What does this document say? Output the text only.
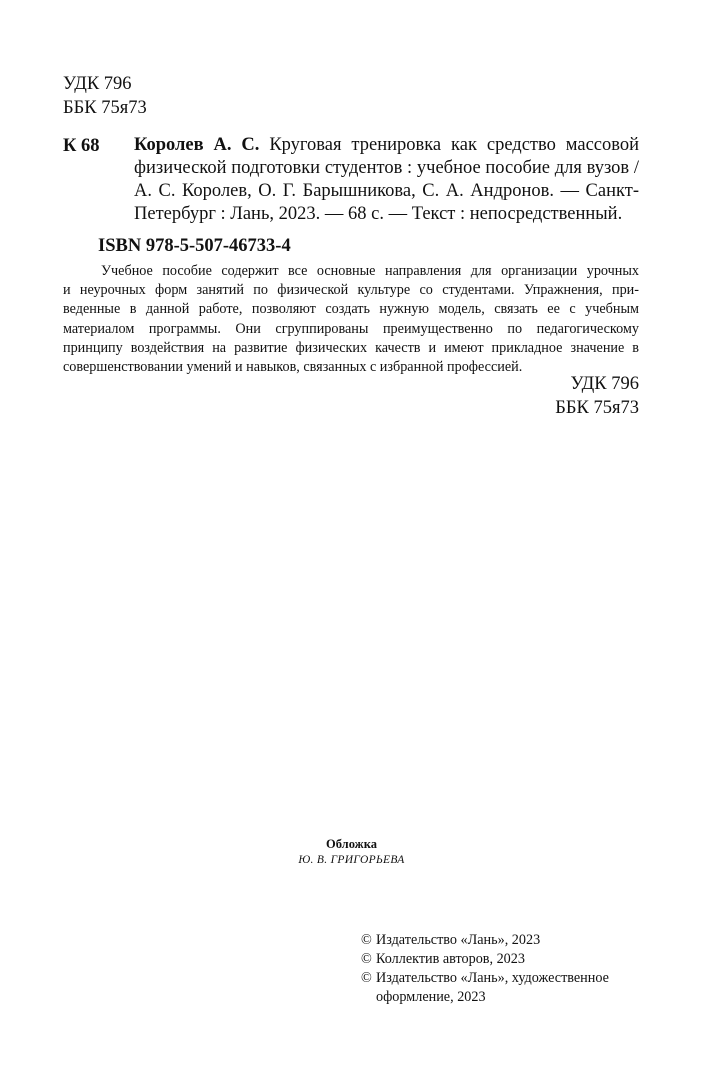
УДК 796
ББК 75я73
К 68 Королев А. С. Круговая тренировка как средство массовой
физической подготовки студентов : учебное пособие для вузов /
А. С. Королев, О. Г. Барышникова, С. А. Андронов. — Санкт-
Петербург : Лань, 2023. — 68 с. — Текст : непосредственный.
ISBN 978-5-507-46733-4
Учебное пособие содержит все основные направления для организации урочных
и неурочных форм занятий по физической культуре со студентами. Упражнения, при-
веденные в данной работе, позволяют создать нужную модель, связать ее с учебным
материалом программы. Они сгруппированы преимущественно по педагогическому
принципу воздействия на развитие физических качеств и имеют прикладное значение в
совершенствовании умений и навыков, связанных с избранной профессией.
УДК 796
ББК 75я73
Обложка
Ю. В. ГРИГОРЬЕВА
© Издательство «Лань», 2023
© Коллектив авторов, 2023
© Издательство «Лань», художественное
оформление, 2023
